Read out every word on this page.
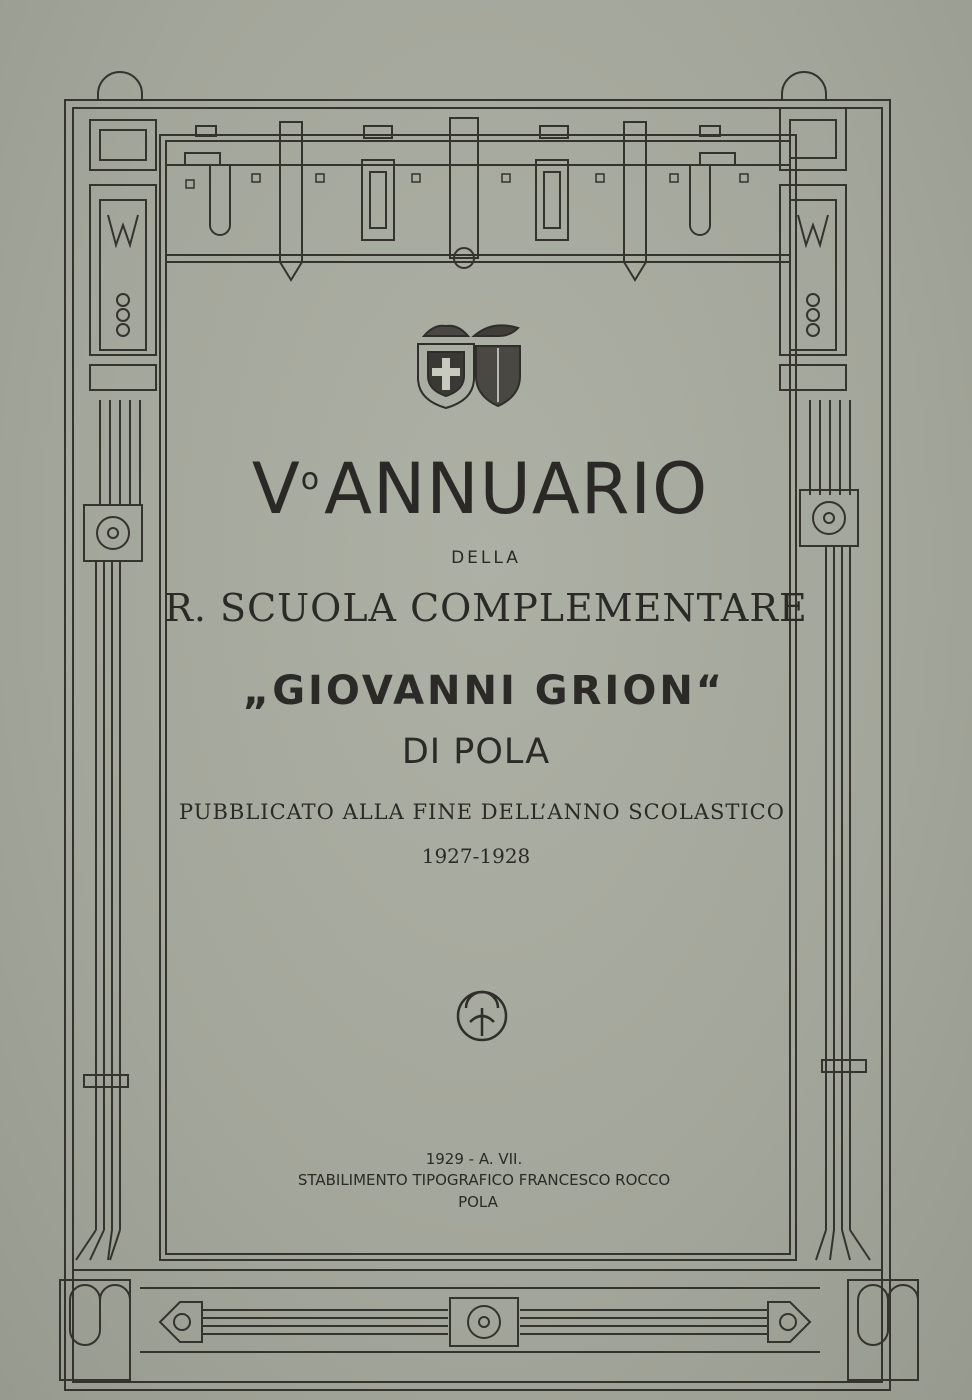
$V^oANNUARIO$
DELLA
R. SCUOLA COMPLEMENTARE
„GIOVANNI GRION“
DI POLA
PUBBLICATO ALLA FINE DELL’ANNO SCOLASTICO
1927-1928
1929 - A. VII.
STABILIMENTO TIPOGRAFICO FRANCESCO ROCCO
POLA
